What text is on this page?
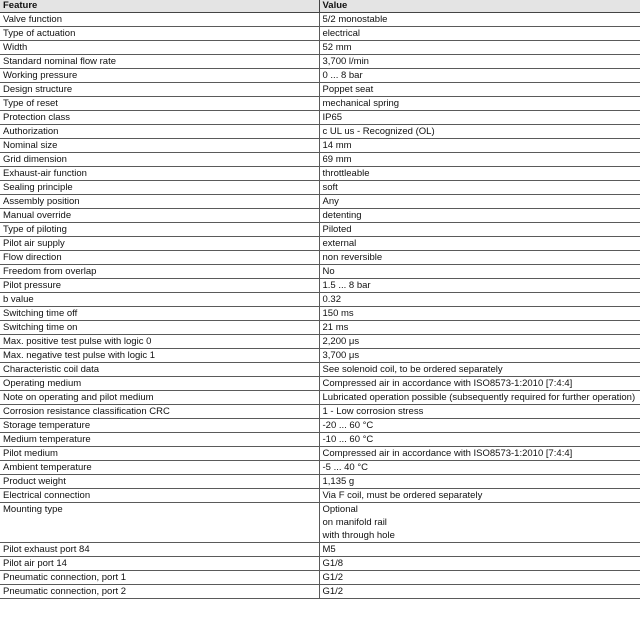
Feature	Value
Valve function	5/2 monostable
Type of actuation	electrical
Width	52 mm
Standard nominal flow rate	3,700 l/min
Working pressure	0 ... 8 bar
Design structure	Poppet seat
Type of reset	mechanical spring
Protection class	IP65
Authorization	c UL us - Recognized (OL)
Nominal size	14 mm
Grid dimension	69 mm
Exhaust-air function	throttleable
Sealing principle	soft
Assembly position	Any
Manual override	detenting
Type of piloting	Piloted
Pilot air supply	external
Flow direction	non reversible
Freedom from overlap	No
Pilot pressure	1.5 ... 8 bar
b value	0.32
Switching time off	150 ms
Switching time on	21 ms
Max. positive test pulse with logic 0	2,200 μs
Max. negative test pulse with logic 1	3,700 μs
Characteristic coil data	See solenoid coil, to be ordered separately
Operating medium	Compressed air in accordance with ISO8573-1:2010 [7:4:4]
Note on operating and pilot medium	Lubricated operation possible (subsequently required for further operation)
Corrosion resistance classification CRC	1 - Low corrosion stress
Storage temperature	-20 ... 60 °C
Medium temperature	-10 ... 60 °C
Pilot medium	Compressed air in accordance with ISO8573-1:2010 [7:4:4]
Ambient temperature	-5 ... 40 °C
Product weight	1,135 g
Electrical connection	Via F coil, must be ordered separately
Mounting type	Optional
on manifold rail
with through hole

Pilot exhaust port 84	M5
Pilot air port 14	G1/8
Pneumatic connection, port 1	G1/2
Pneumatic connection, port 2	G1/2
